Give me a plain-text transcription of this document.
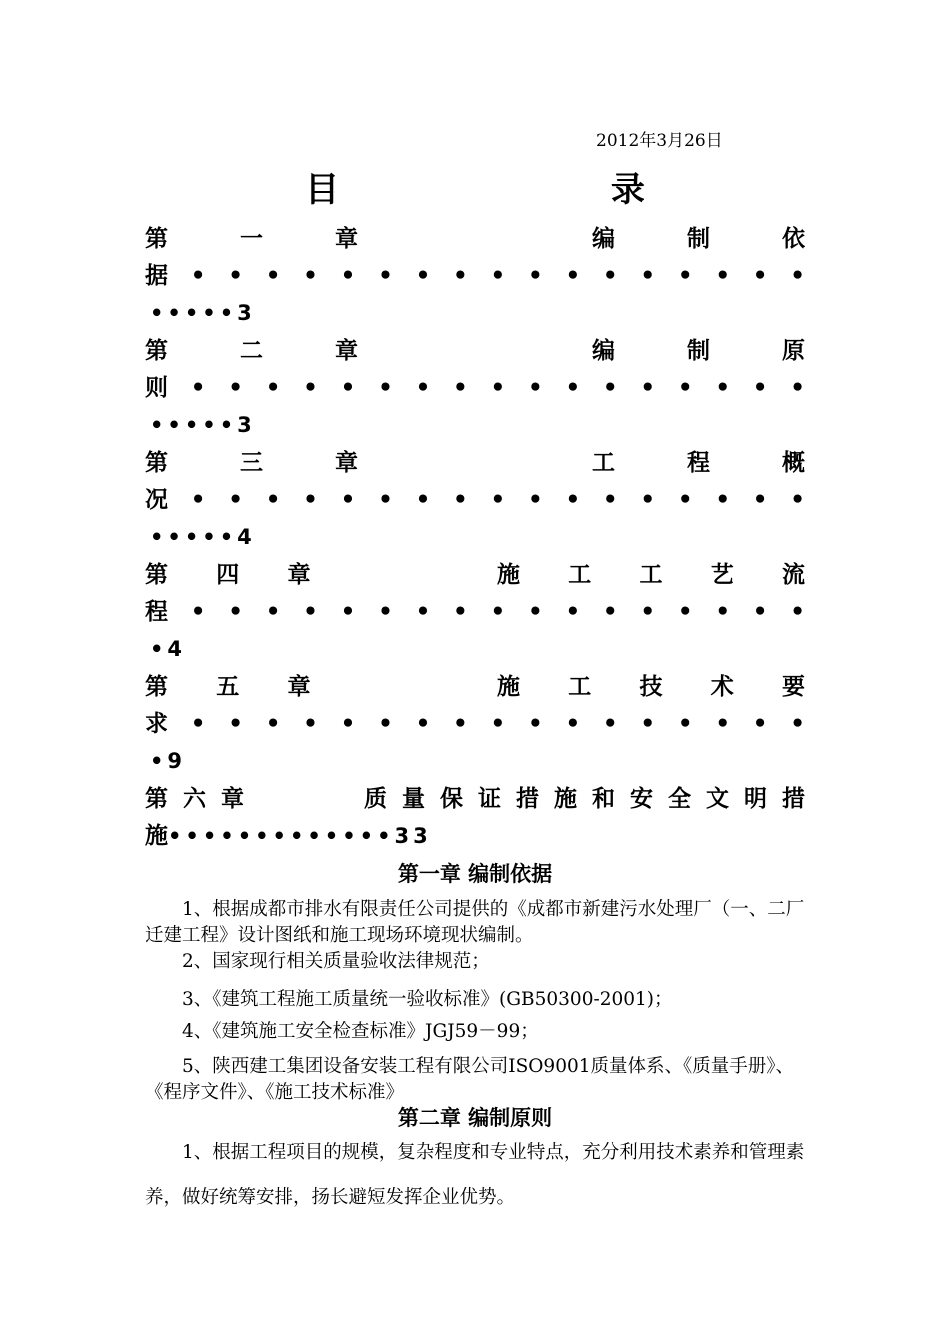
2012年3月26日
目 录
第	一	章	编	制	依
据 • • • • • • • • • • • • • • • • •
•••••3
第	二	章	编	制	原
则 • • • • • • • • • • • • • • • • •
•••••3
第	三	章	工	程	概
况 • • • • • • • • • • • • • • • • •
•••••4
第 四 章	施 工 工 艺 流
程 • • • • • • • • • • • • • • • • •
•4
第 五 章	施 工 技 术 要
求 • • • • • • • • • • • • • • • • •
•9
第 六 章	质 量 保 证 措 施 和 安 全 文 明 措
施 •••••••••••••33
第一章 编制依据
1、根据成都市排水有限责任公司提供的《成都市新建污水处理厂（一、二厂迁建工程》设计图纸和施工现场环境现状编制。
2、国家现行相关质量验收法律规范；
3、《建筑工程施工质量统一验收标准》(GB50300-2001)；
4、《建筑施工安全检查标准》JGJ59－99；
5、陕西建工集团设备安装工程有限公司ISO9001质量体系、《质量手册》、《程序文件》、《施工技术标准》
第二章 编制原则
1、根据工程项目的规模，复杂程度和专业特点，充分利用技术素养和管理素养，做好统筹安排，扬长避短发挥企业优势。
